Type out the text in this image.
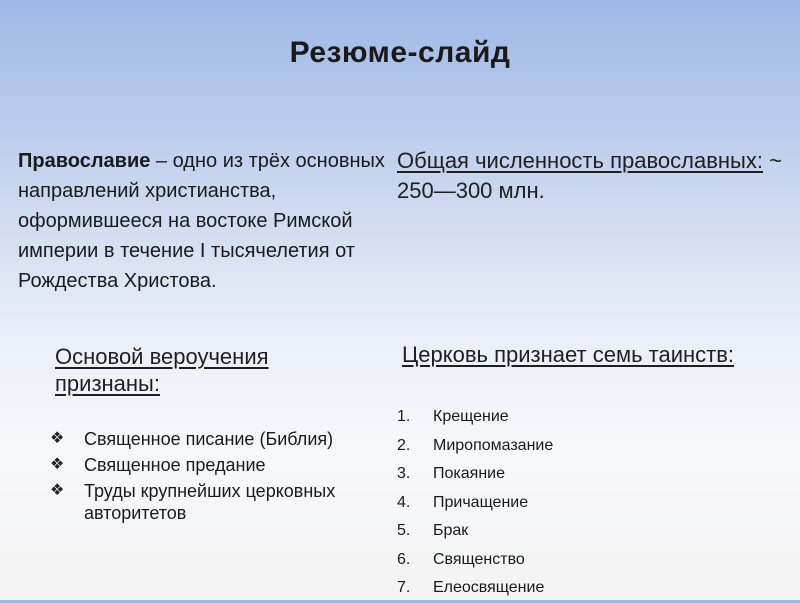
Резюме-слайд
Православие – одно из трёх основных направлений христианства, оформившееся на востоке Римской империи в течение I тысячелетия от Рождества Христова.
Общая численность православных: ~ 250—300 млн.
Основой вероучения признаны:
❖ Священное писание (Библия)
❖ Священное предание
❖ Труды крупнейших церковных авторитетов
Церковь признает семь таинств:
1.	Крещение
2.	Миропомазание
3.	Покаяние
4.	Причащение
5.	Брак
6.	Священство
7.	Елеосвящение
